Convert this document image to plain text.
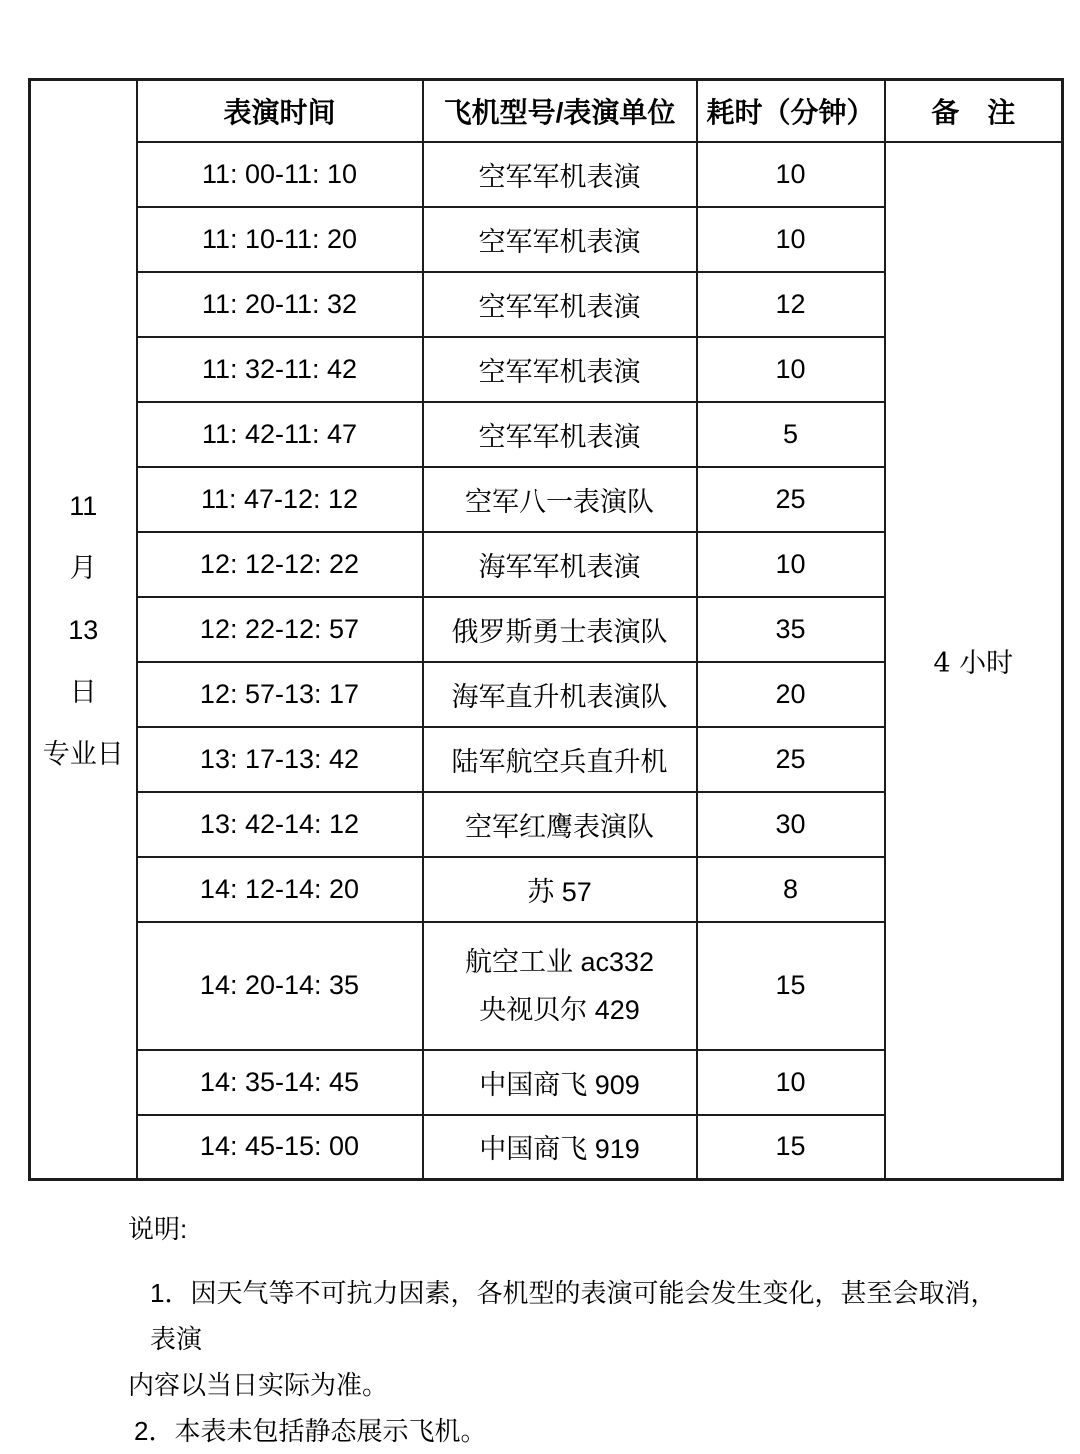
11
月
13
日
专业日	表演时间	飞机型号/表演单位	耗时（分钟）	备　注
	11: 00-11: 10	空军军机表演	10	4 小时
	11: 10-11: 20	空军军机表演	10	
	11: 20-11: 32	空军军机表演	12	
	11: 32-11: 42	空军军机表演	10	
	11: 42-11: 47	空军军机表演	5	
	11: 47-12: 12	空军八一表演队	25	
	12: 12-12: 22	海军军机表演	10	
	12: 22-12: 57	俄罗斯勇士表演队	35	
	12: 57-13: 17	海军直升机表演队	20	
	13: 17-13: 42	陆军航空兵直升机	25	
	13: 42-14: 12	空军红鹰表演队	30	
	14: 12-14: 20	苏 57	8	
	14: 20-14: 35	航空工业 ac332
央视贝尔 429	15	
	14: 35-14: 45	中国商飞 909	10	
	14: 45-15: 00	中国商飞 919	15	

说明:

1．因天气等不可抗力因素，各机型的表演可能会发生变化，甚至会取消， 表演

内容以当日实际为准。

2．本表未包括静态展示飞机。
